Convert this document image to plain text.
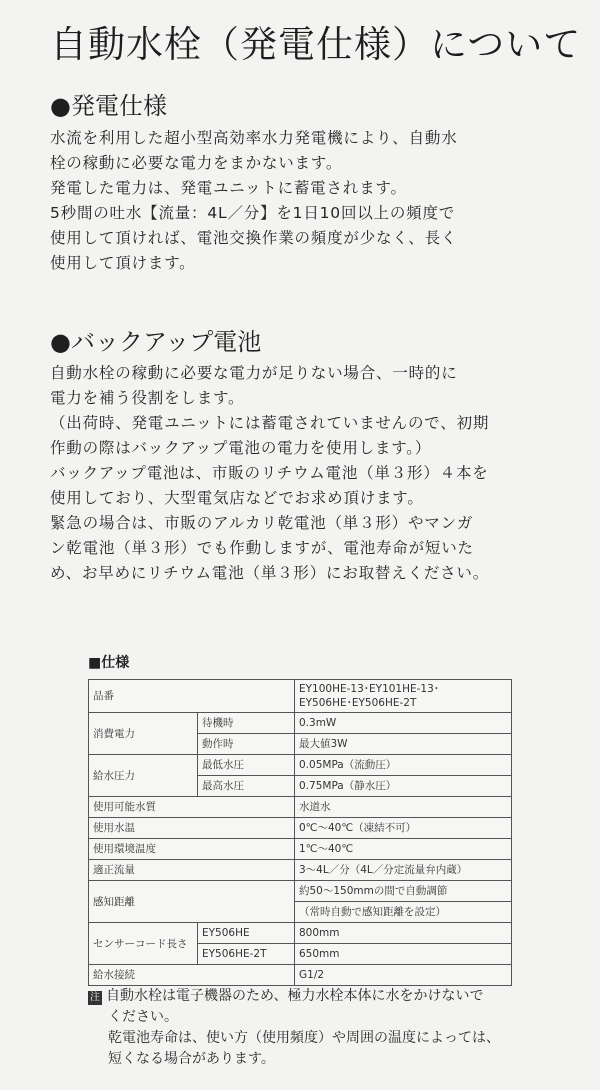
自動水栓（発電仕様）について
●発電仕様

水流を利用した超小型高効率水力発電機により、自動水

栓の稼動に必要な電力をまかないます。

発電した電力は、発電ユニットに蓄電されます。

5秒間の吐水【流量：4L／分】を1日10回以上の頻度で

使用して頂ければ、電池交換作業の頻度が少なく、長く

使用して頂けます。

●バックアップ電池

自動水栓の稼動に必要な電力が足りない場合、一時的に

電力を補う役割をします。

（出荷時、発電ユニットには蓄電されていませんので、初期

作動の際はバックアップ電池の電力を使用します。）

バックアップ電池は、市販のリチウム電池（単３形）４本を

使用しており、大型電気店などでお求め頂けます。

緊急の場合は、市販のアルカリ乾電池（単３形）やマンガ

ン乾電池（単３形）でも作動しますが、電池寿命が短いた

め、お早めにリチウム電池（単３形）にお取替えください。

■仕様
品番		EY100HE-13･EY101HE-13･
EY506HE･EY506HE-2T

消費電力	待機時	0.3mW
	動作時	最大値3W
給水圧力	最低水圧	0.05MPa（流動圧）
	最高水圧	0.75MPa（静水圧）
使用可能水質		水道水
使用水温		0℃〜40℃（凍結不可）
使用環境温度		1℃〜40℃
適正流量		3〜4L／分（4L／分定流量弁内蔵）
感知距離		約50〜150mmの間で自動調節
		（常時自動で感知距離を設定）
センサーコード長さ	EY506HE	800mm
	EY506HE-2T	650mm
給水接続		G1/2

注 自動水栓は電子機器のため、極力水栓本体に水をかけないで

ください。

乾電池寿命は、使い方（使用頻度）や周囲の温度によっては、

短くなる場合があります。
